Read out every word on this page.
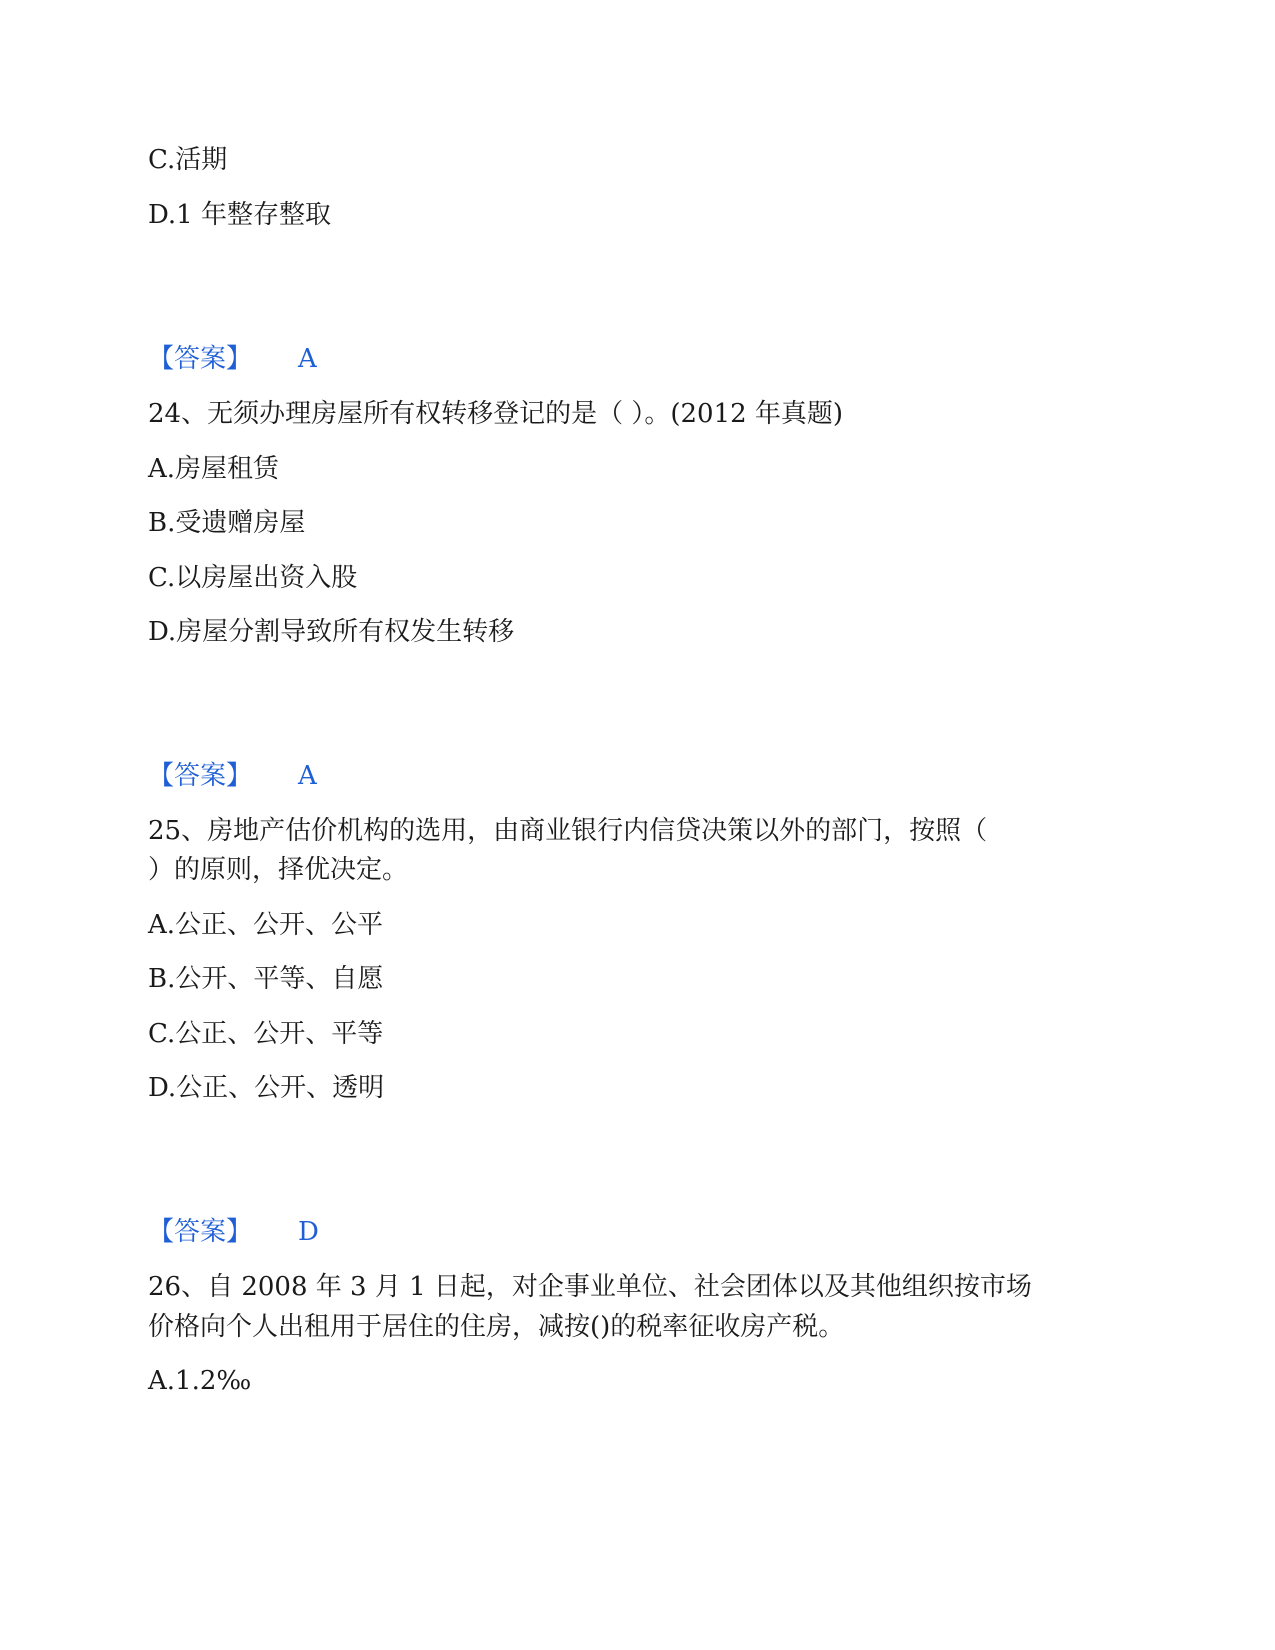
C.活期
D.1 年整存整取
【答案】 A
24、无须办理房屋所有权转移登记的是（ ）。(2012 年真题)
A.房屋租赁
B.受遗赠房屋
C.以房屋出资入股
D.房屋分割导致所有权发生转移
【答案】 A
25、房地产估价机构的选用，由商业银行内信贷决策以外的部门，按照（
）的原则，择优决定。
A.公正、公开、公平
B.公开、平等、自愿
C.公正、公开、平等
D.公正、公开、透明
【答案】 D
26、自 2008 年 3 月 1 日起，对企事业单位、社会团体以及其他组织按市场
价格向个人出租用于居住的住房，减按()的税率征收房产税。
A.1.2‰
